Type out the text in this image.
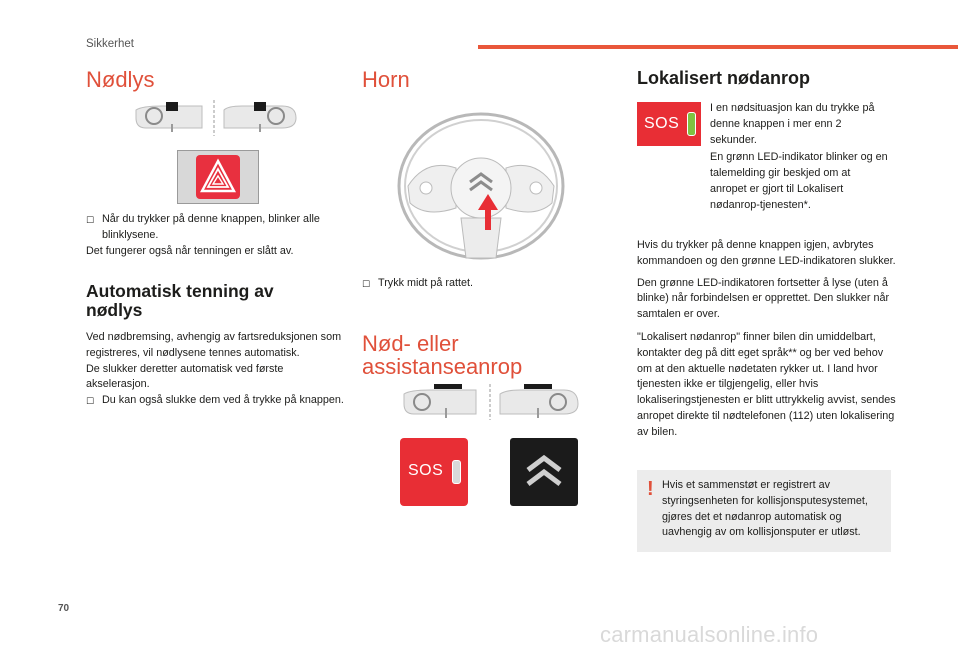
Sikkerhet
Nødlys
☐ Når du trykker på denne knappen, blinker alle blinklysene.

Det fungerer også når tenningen er slått av.

Automatisk tenning av
nødlys

Ved nødbremsing, avhengig av fartsreduksjonen som registreres, vil nødlysene tennes automatisk.

De slukker deretter automatisk ved første akselerasjon.

☐ Du kan også slukke dem ved å trykke på knappen.
Horn
☐ Trykk midt på rattet.
Nød- eller
assistanseanrop
SOS
Lokalisert nødanrop
SOS

I en nødsituasjon kan du trykke på denne knappen i mer enn 2 sekunder.

En grønn LED-indikator blinker og en talemelding gir beskjed om at anropet er gjort til Lokalisert nødanrop-tjenesten*.

Hvis du trykker på denne knappen igjen, avbrytes kommandoen og den grønne LED-indikatoren slukker.

Den grønne LED-indikatoren fortsetter å lyse (uten å blinke) når forbindelsen er opprettet. Den slukker når samtalen er over.

"Lokalisert nødanrop" finner bilen din umiddelbart, kontakter deg på ditt eget språk** og ber ved behov om at den aktuelle nødetaten rykker ut. I land hvor tjenesten ikke er tilgjengelig, eller hvis lokaliseringstjenesten er blitt uttrykkelig avvist, sendes anropet direkte til nødtelefonen (112) uten lokalisering av bilen.

! Hvis et sammenstøt er registrert av styringsenheten for kollisjonsputesystemet, gjøres det et nødanrop automatisk og uavhengig av om kollisjonsputer er utløst.
70
carmanualsonline.info
